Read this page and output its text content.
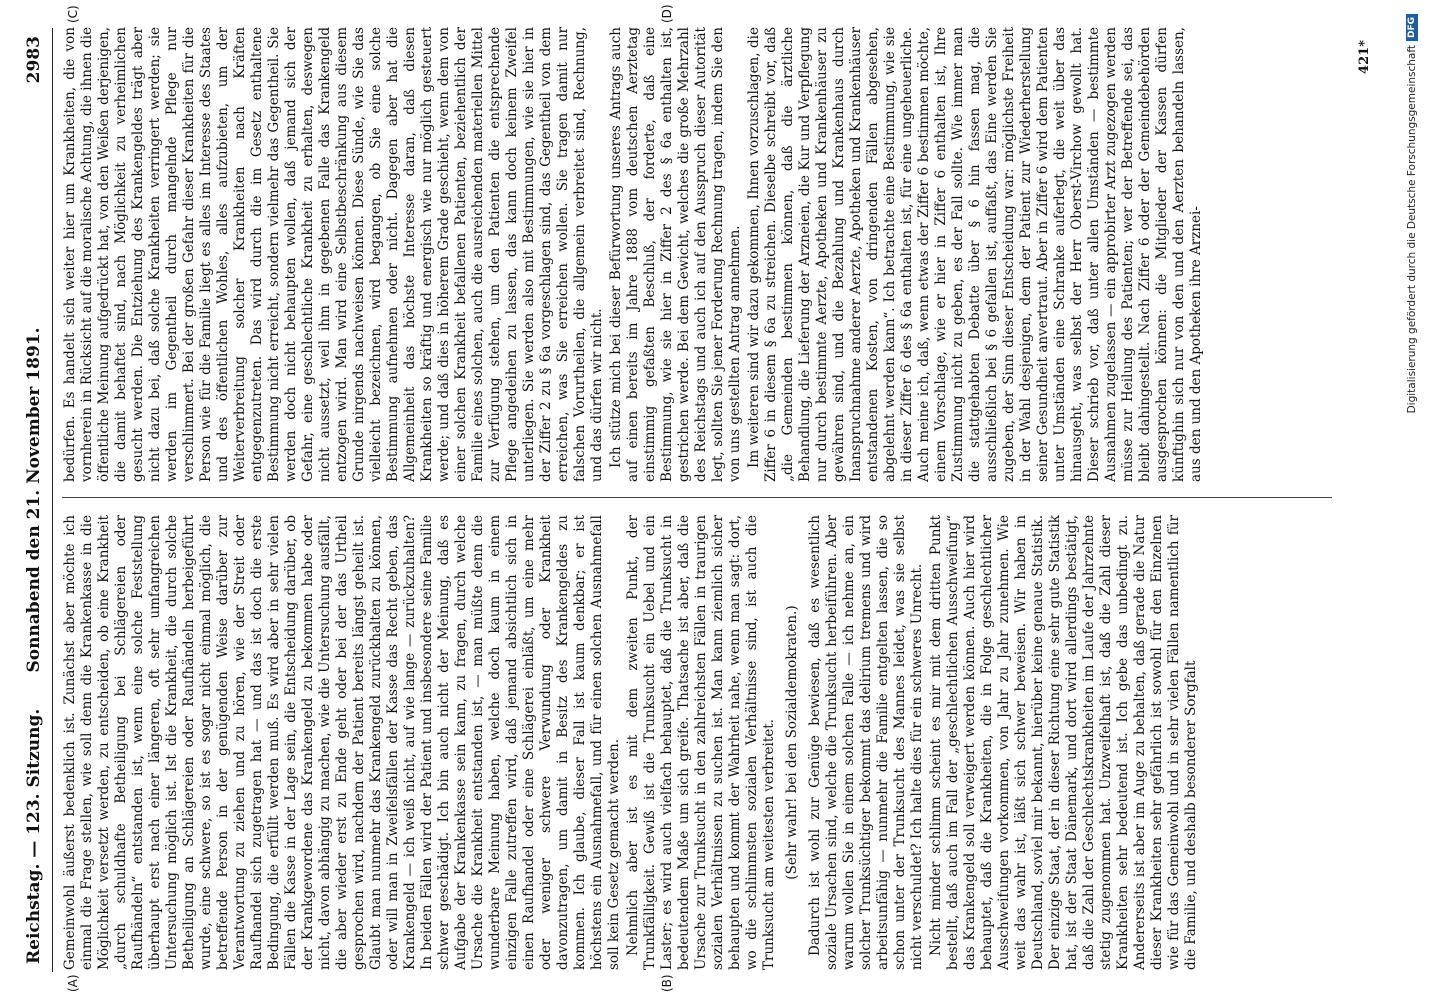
Reichstag. — 123. Sitzung.
Sonnabend den 21. November 1891.
2983
(A)	(B)
(C)	(D)

Gemeinwohl äußerst bedenklich ist. Zunächst aber möchte ich einmal die Frage stellen, wie soll denn die Krankenkasse in die Möglichkeit versetzt werden, zu entscheiden, ob eine Krankheit „durch schuldhafte Betheiligung bei Schlägereien oder Raufhändeln“ entstanden ist, wenn eine solche Feststellung überhaupt erst nach einer längeren, oft sehr umfangreichen Untersuchung möglich ist. Ist die Krankheit, die durch solche Betheiligung an Schlägereien oder Raufhändeln herbeigeführt wurde, eine schwere, so ist es sogar nicht einmal möglich, die betreffende Person in der genügenden Weise darüber zur Verantwortung zu ziehen und zu hören, wie der Streit oder Raufhandel sich zugetragen hat — und das ist doch die erste Bedingung, die erfüllt werden muß. Es wird aber in sehr vielen Fällen die Kasse in der Lage sein, die Entscheidung darüber, ob der Krankgewordene das Krankengeld zu bekommen habe oder nicht, davon abhängig zu machen, wie die Untersuchung ausfällt, die aber wieder erst zu Ende geht oder bei der das Urtheil gesprochen wird, nachdem der Patient bereits längst geheilt ist. Glaubt man nunmehr das Krankengeld zurückhalten zu können, oder will man in Zweifelsfällen der Kasse das Recht geben, das Krankengeld — ich weiß nicht, auf wie lange — zurückzuhalten? In beiden Fällen wird der Patient und insbesondere seine Familie schwer geschädigt. Ich bin auch nicht der Meinung, daß es Aufgabe der Krankenkasse sein kann, zu fragen, durch welche Ursache die Krankheit entstanden ist, — man müßte denn die wunderbare Meinung haben, welche doch kaum in einem einzigen Falle zutreffen wird, daß jemand absichtlich sich in einen Raufhandel oder eine Schlägerei einläßt, um eine mehr oder weniger schwere Verwundung oder Krankheit davonzutragen, um damit in Besitz des Krankengeldes zu kommen. Ich glaube, dieser Fall ist kaum denkbar; er ist höchstens ein Ausnahmefall, und für einen solchen Ausnahmefall soll kein Gesetz gemacht werden. Nehmlich aber ist es mit dem zweiten Punkt, der Trunkfälligkeit. Gewiß ist die Trunksucht ein Uebel und ein Laster; es wird auch vielfach behauptet, daß die Trunksucht in bedeutendem Maße um sich greife. Thatsache ist aber, daß die Ursache zur Trunksucht in den zahlreichsten Fällen in traurigen sozialen Verhältnissen zu suchen ist. Man kann ziemlich sicher behaupten und kommt der Wahrheit nahe, wenn man sagt: dort, wo die schlimmsten sozialen Verhältnisse sind, ist auch die Trunksucht am weitesten verbreitet. (Sehr wahr! bei den Sozialdemokraten.) Dadurch ist wohl zur Genüge bewiesen, daß es wesentlich soziale Ursachen sind, welche die Trunksucht herbeiführen. Aber warum wollen Sie in einem solchen Falle — ich nehme an, ein solcher Trunksüchtiger bekommt das delirium tremens und wird arbeitsunfähig — nunmehr die Familie entgelten lassen, die so schon unter der Trunksucht des Mannes leidet, was sie selbst nicht verschuldet? Ich halte dies für ein schweres Unrecht. Nicht minder schlimm scheint es mir mit dem dritten Punkt bestellt, daß auch im Fall der „geschlechtlichen Ausschweifung“ das Krankengeld soll verweigert werden können. Auch hier wird behauptet, daß die Krankheiten, die in Folge geschlechtlicher Ausschweifungen vorkommen, von Jahr zu Jahr zunehmen. Wie weit das wahr ist, läßt sich schwer beweisen. Wir haben in Deutschland, soviel mir bekannt, hierüber keine genaue Statistik. Der einzige Staat, der in dieser Richtung eine sehr gute Statistik hat, ist der Staat Dänemark, und dort wird allerdings bestätigt, daß die Zahl der Geschlechtskrankheiten im Laufe der Jahrzehnte stetig zugenommen hat. Unzweifelhaft ist, daß die Zahl dieser Krankheiten sehr bedeutend ist. Ich gebe das unbedingt zu. Andererseits ist aber im Auge zu behalten, daß gerade die Natur dieser Krankheiten sehr gefährlich ist sowohl für den Einzelnen wie für das Gemeinwohl und in sehr vielen Fällen namentlich für die Familie, und deshalb besonderer Sorgfalt

bedürfen. Es handelt sich weiter hier um Krankheiten, die von vornherein in Rücksicht auf die moralische Achtung, die ihnen die öffentliche Meinung aufgedrückt hat, von den Weißen derjenigen, die damit behaftet sind, nach Möglichkeit zu verheimlichen gesucht werden. Die Entziehung des Krankengeldes trägt aber nicht dazu bei, daß solche Krankheiten verringert werden; sie werden im Gegentheil durch mangelnde Pflege nur verschlimmert. Bei der großen Gefahr dieser Krankheiten für die Person wie für die Familie liegt es alles im Interesse des Staates und des öffentlichen Wohles, alles aufzubieten, um der Weiterverbreitung solcher Krankheiten nach Kräften entgegenzutreten. Das wird durch die im Gesetz enthaltene Bestimmung nicht erreicht, sondern vielmehr das Gegentheil. Sie werden doch nicht behaupten wollen, daß jemand sich der Gefahr, eine geschlechtliche Krankheit zu erhalten, deswegen nicht aussetzt, weil ihm in gegebenen Falle das Krankengeld entzogen wird. Man wird eine Selbstbeschränkung aus diesem Grunde nirgends nachweisen können. Diese Sünde, wie Sie das vielleicht bezeichnen, wird begangen, ob Sie eine solche Bestimmung aufnehmen oder nicht. Dagegen aber hat die Allgemeinheit das höchste Interesse daran, daß diesen Krankheiten so kräftig und energisch wie nur möglich gesteuert werde; und daß dies in höherem Grade geschieht, wenn dem von einer solchen Krankheit befallenen Patienten, beziehentlich der Familie eines solchen, auch die ausreichenden materiellen Mittel zur Verfügung stehen, um den Patienten die entsprechende Pflege angedeihen zu lassen, das kann doch keinem Zweifel unterliegen. Sie werden also mit Bestimmungen, wie sie hier in der Ziffer 2 zu § 6a vorgeschlagen sind, das Gegentheil von dem erreichen, was Sie erreichen wollen. Sie tragen damit nur falschen Vorurtheilen, die allgemein verbreitet sind, Rechnung, und das dürfen wir nicht. Ich stütze mich bei dieser Befürwortung unseres Antrags auch auf einen bereits im Jahre 1888 vom deutschen Aerztetag einstimmig gefaßten Beschluß, der forderte, daß eine Bestimmung, wie sie hier in Ziffer 2 des § 6a enthalten ist, gestrichen werde. Bei dem Gewicht, welches die große Mehrzahl des Reichstags und auch ich auf den Ausspruch dieser Autorität legt, sollten Sie jener Forderung Rechnung tragen, indem Sie den von uns gestellten Antrag annehmen. Im weiteren sind wir dazu gekommen, Ihnen vorzuschlagen, die Ziffer 6 in diesem § 6a zu streichen. Dieselbe schreibt vor, daß „die Gemeinden bestimmen können, daß die ärztliche Behandlung, die Lieferung der Arzneien, die Kur und Verpflegung nur durch bestimmte Aerzte, Apotheken und Krankenhäuser zu gewähren sind, und die Bezahlung und Krankenhaus durch Inanspruchnahme anderer Aerzte, Apotheken und Krankenhäuser entstandenen Kosten, von dringenden Fällen abgesehen, abgelehnt werden kann“. Ich betrachte eine Bestimmung, wie sie in dieser Ziffer 6 des § 6a enthalten ist, für eine ungeheuerliche. Auch meine ich, daß, wenn etwas der Ziffer 6 bestimmen möchte, einem Vorschlage, wie er hier in Ziffer 6 enthalten ist, Ihre Zustimmung nicht zu geben, es der Fall sollte. Wie immer man die stattgehabten Debatte über § 6 hin fassen mag, die ausschließlich bei § 6 gefallen ist, auffaßt, das Eine werden Sie zugeben, der Sinn dieser Entscheidung war: möglichste Freiheit in der Wahl desjenigen, dem der Patient zur Wiederherstellung seiner Gesundheit anvertraut. Aber in Ziffer 6 wird dem Patienten unter Umständen eine Schranke auferlegt, die weit über das hinausgeht, was selbst der Herr Oberst-Virchow gewollt hat. Dieser schrieb vor, daß unter allen Umständen — bestimmte Ausnahmen zugelassen — ein approbirter Arzt zugezogen werden müsse zur Heilung des Patienten; wer der Betreffende sei, das bleibt dahingestellt. Nach Ziffer 6 oder der Gemeindebehörden ausgesprochen können: die Mitglieder der Kassen dürfen künftighin sich nur von den und den Aerzten behandeln lassen, aus den und den Apotheken ihre Arznei-

421*	Digitalisierung gefördert durch die Deutsche Forschungsgemeinschaft
DFG
